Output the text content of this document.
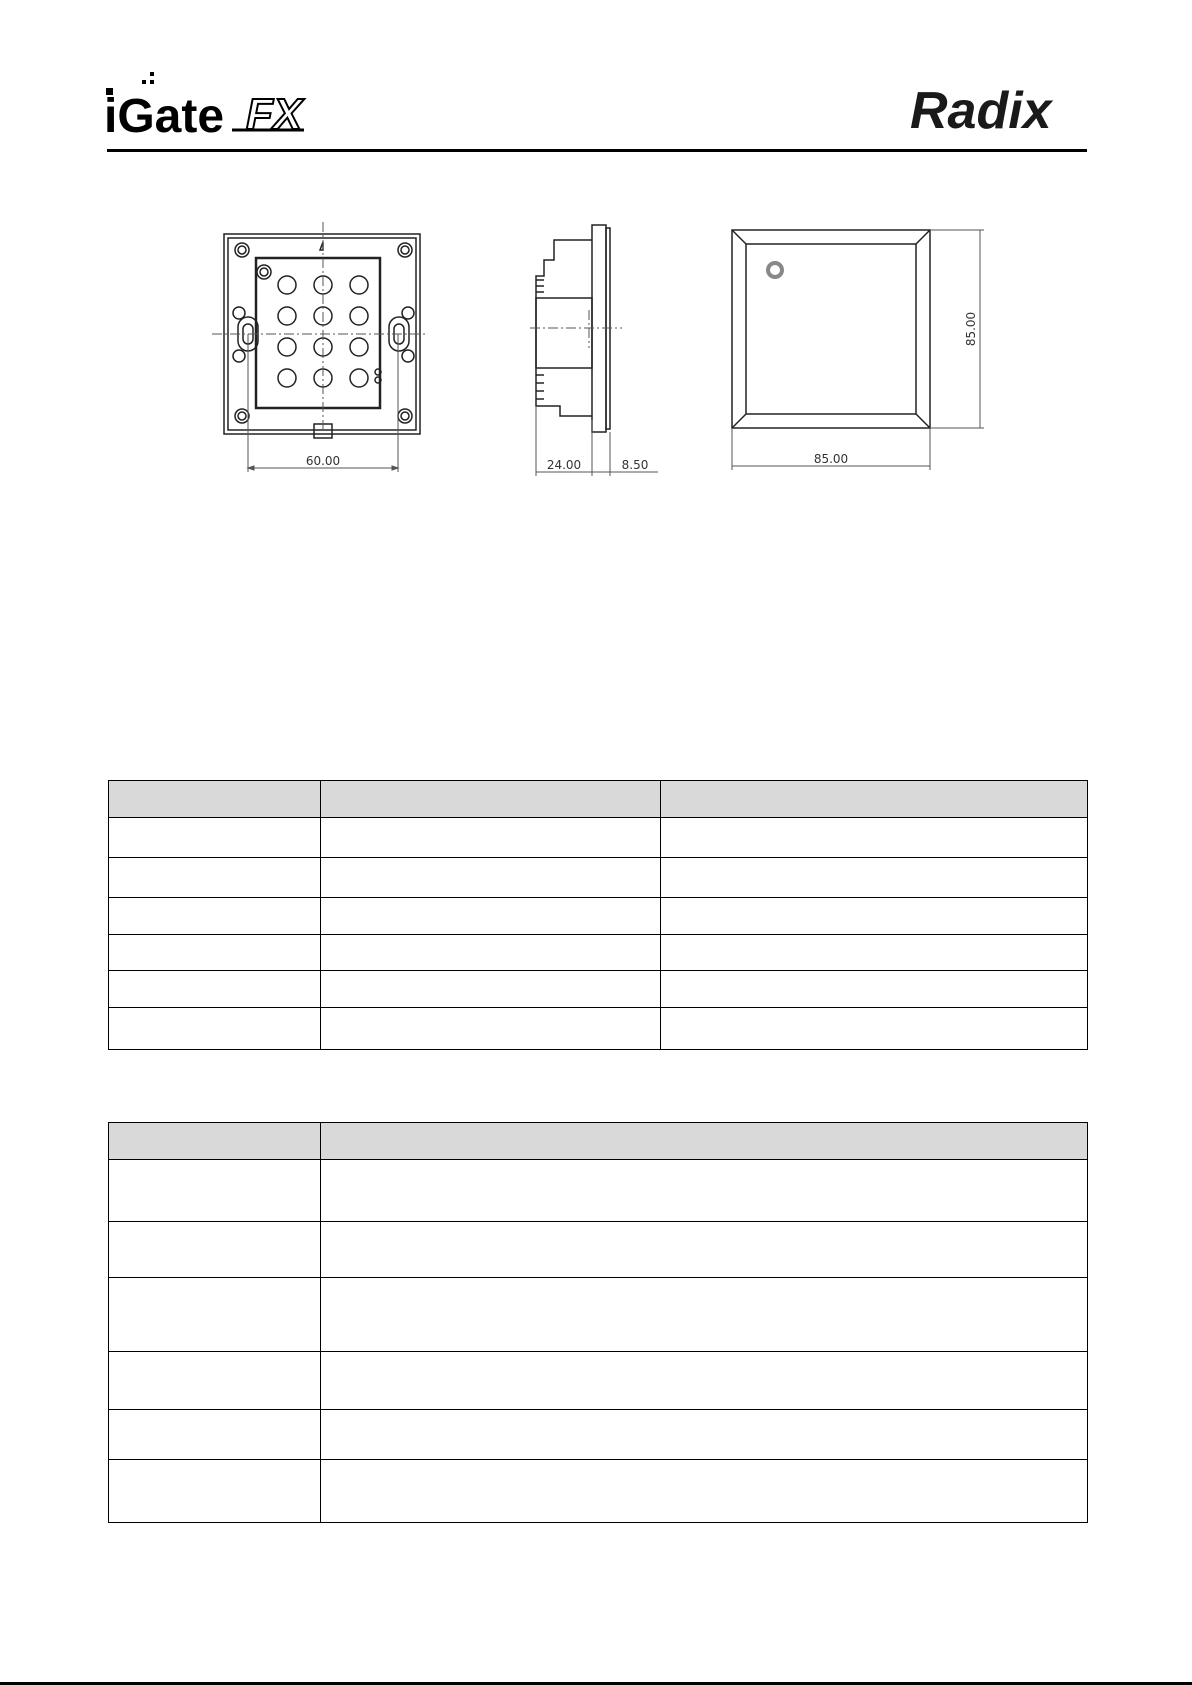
iGate FX	Radix
60.00	24.00	8.50	85.00
85.00
